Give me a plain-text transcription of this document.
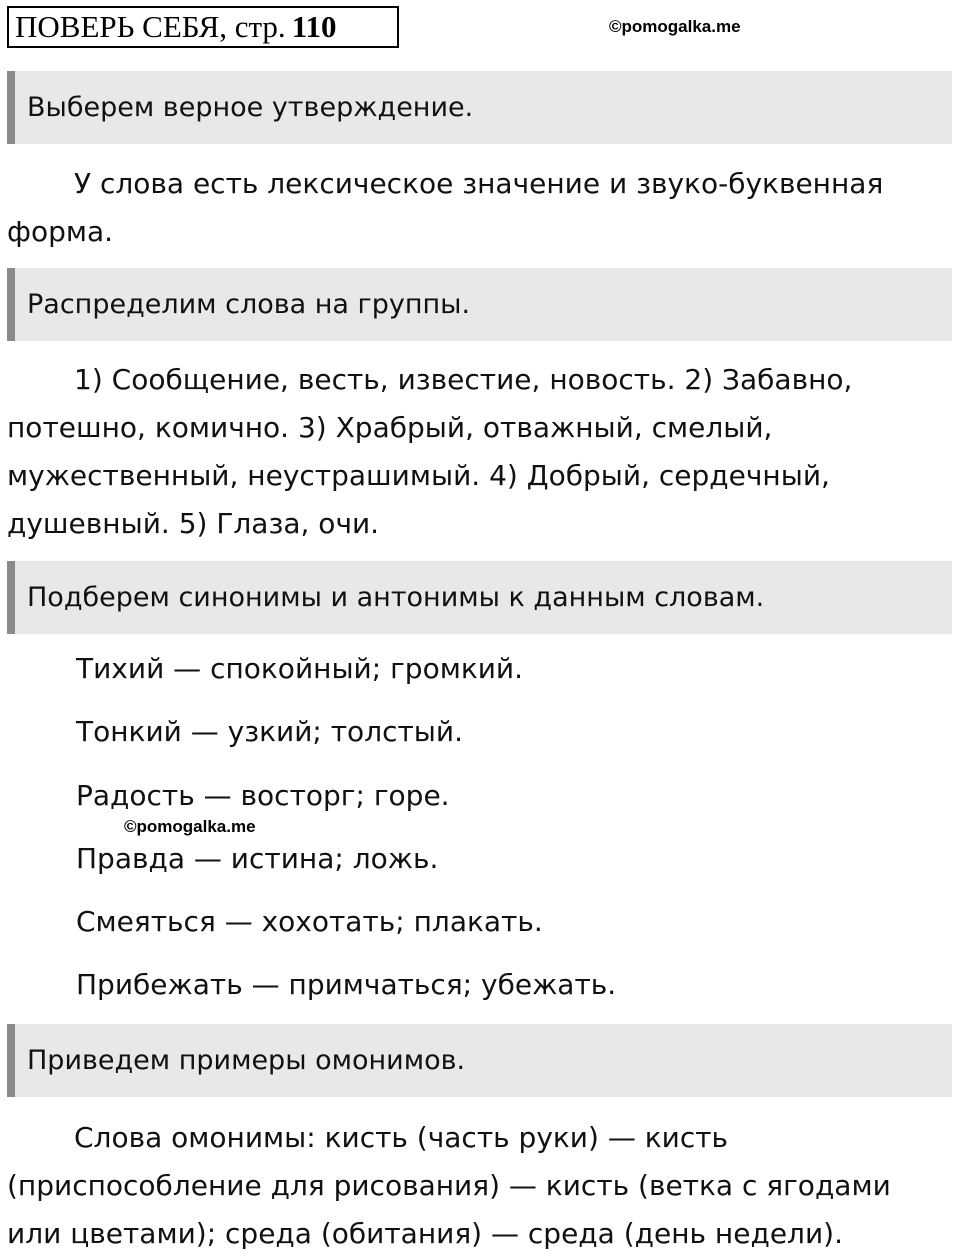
ПОВЕРЬ СЕБЯ, стр. 110	©pomogalka.me
Выберем верное утверждение.
У слова есть лексическое значение и звуко-буквенная форма.
Распределим слова на группы.
1) Сообщение, весть, известие, новость. 2) Забавно, потешно, комично. 3) Храбрый, отважный, смелый, мужественный, неустрашимый. 4) Добрый, сердечный, душевный. 5) Глаза, очи.
Подберем синонимы и антонимы к данным словам.
Тихий — спокойный; громкий.
Тонкий — узкий; толстый.
Радость — восторг; горе.
Правда — истина; ложь.
Смеяться — хохотать; плакать.
Прибежать — примчаться; убежать.
©pomogalka.me
Приведем примеры омонимов.
Слова омонимы: кисть (часть руки) — кисть (приспособление для рисования) — кисть (ветка с ягодами или цветами); среда (обитания) — среда (день недели).
